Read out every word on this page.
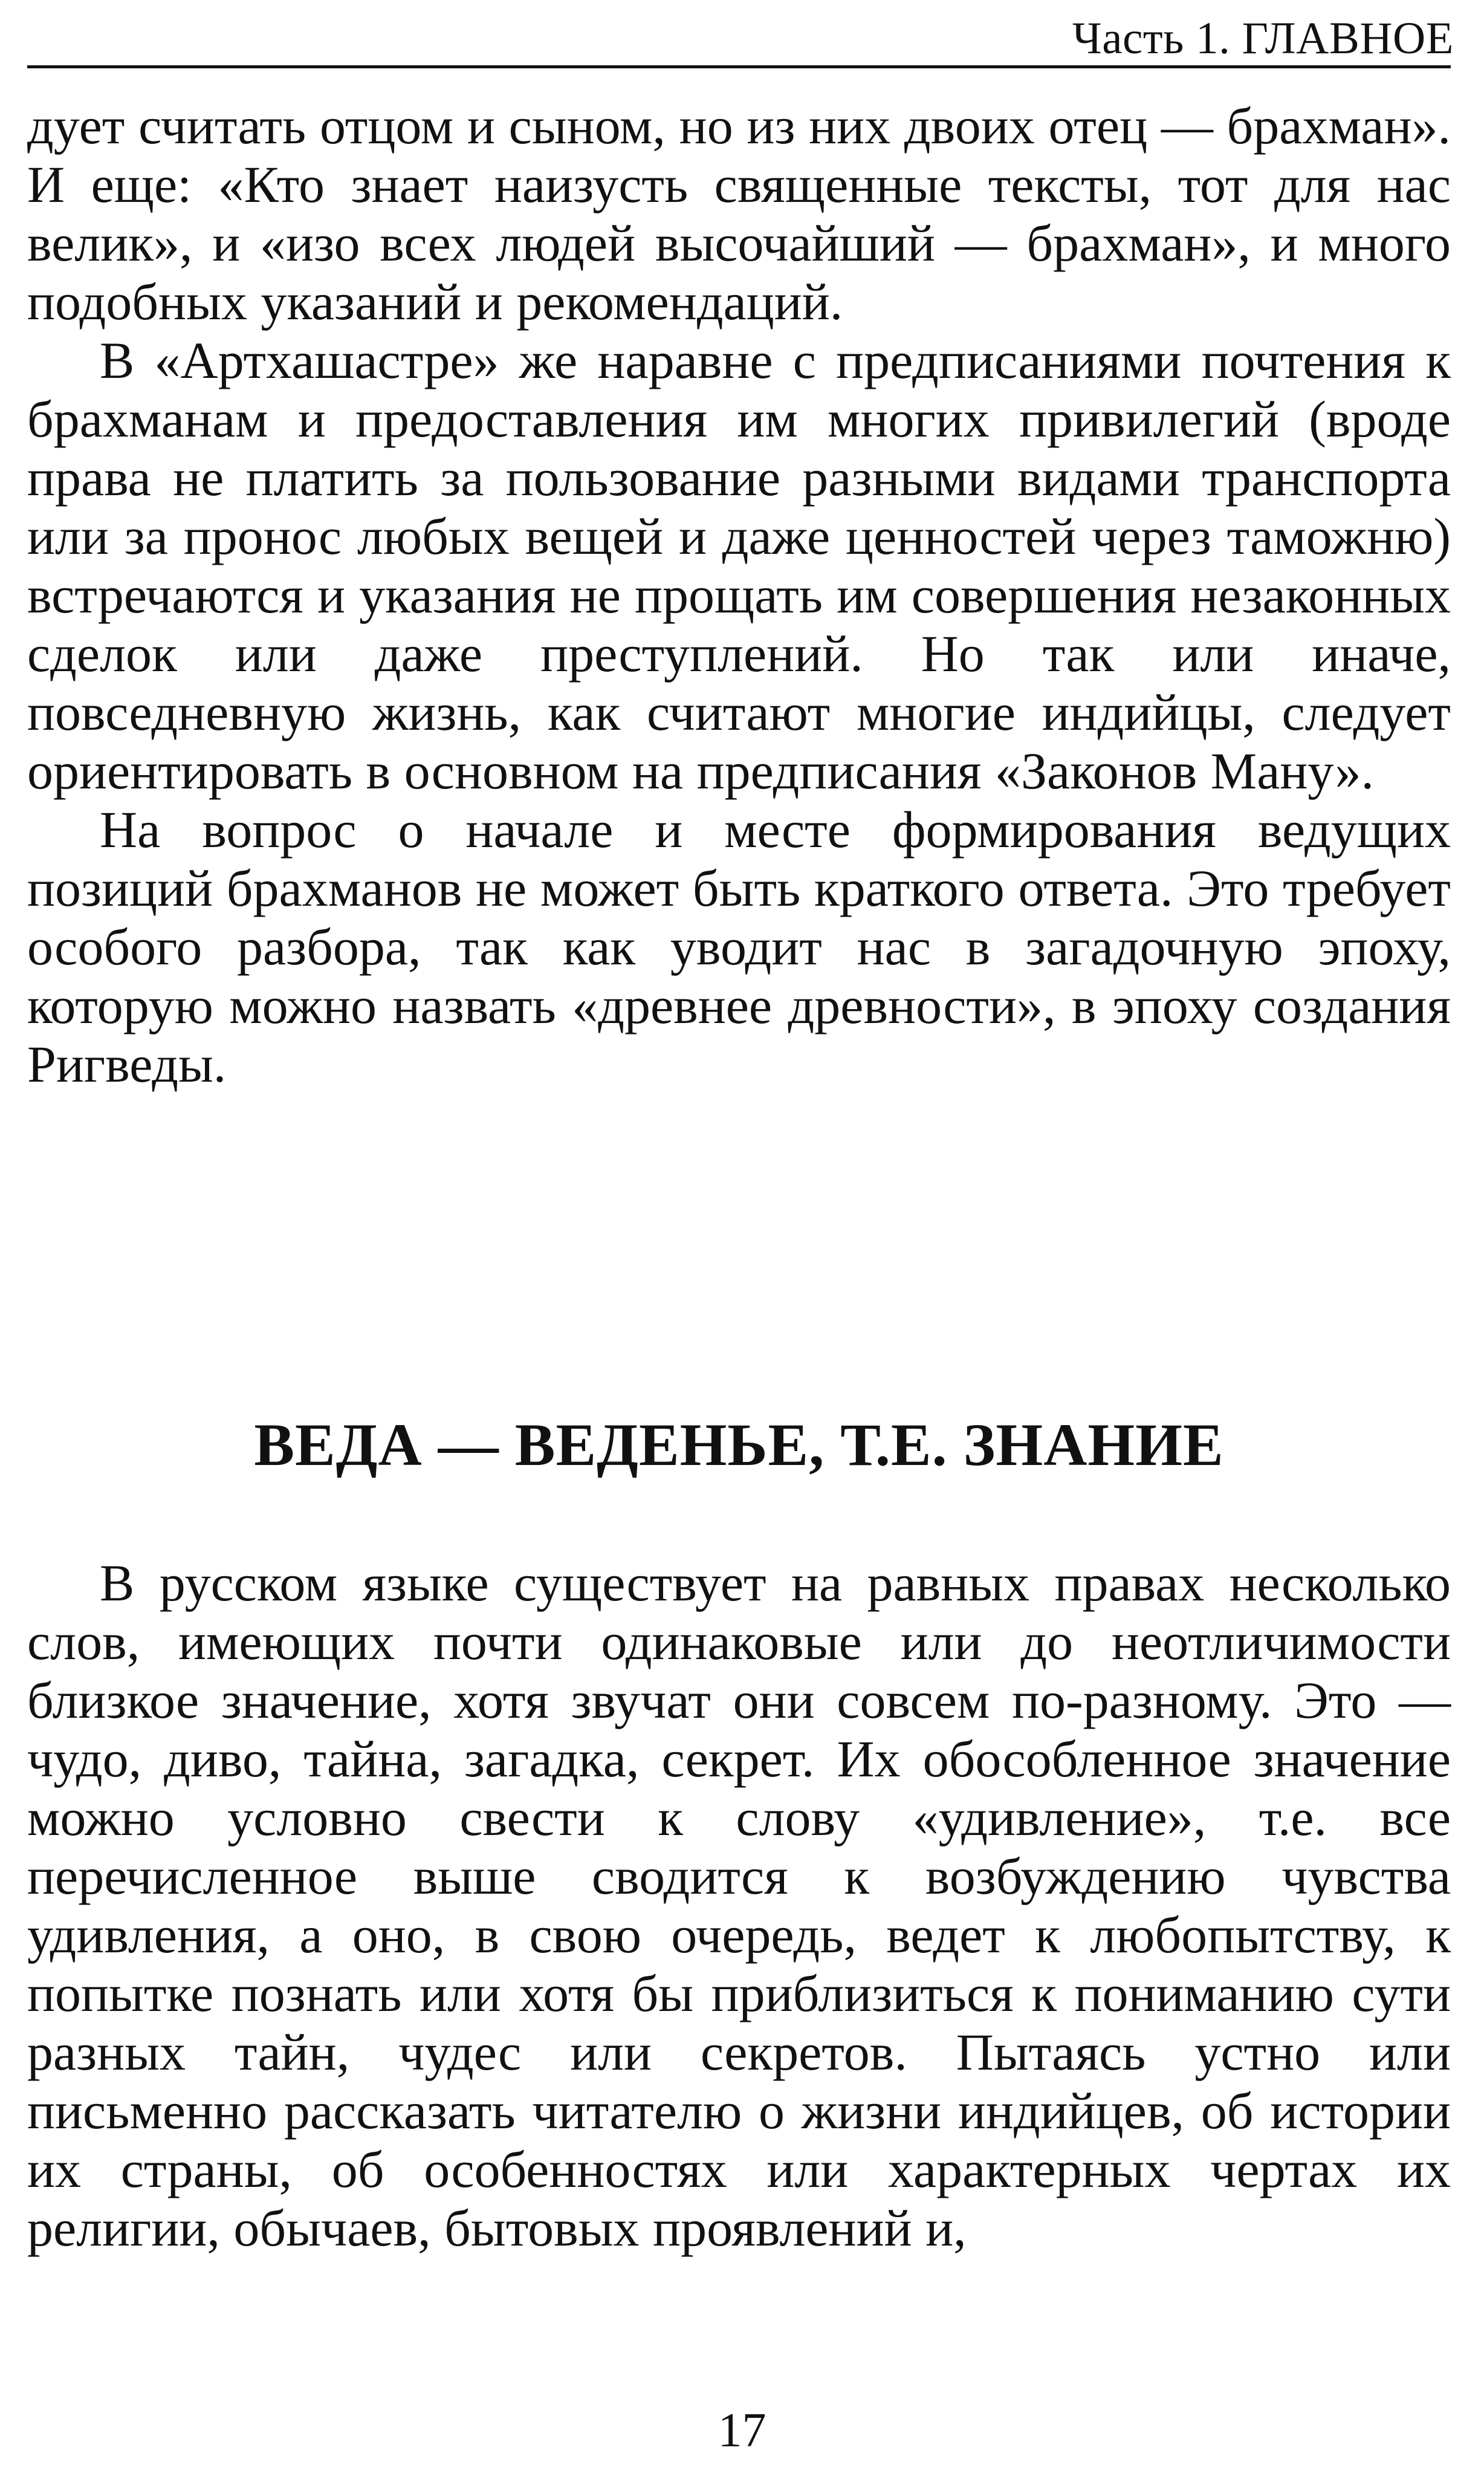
Часть 1. ГЛАВНОЕ

дует считать отцом и сыном, но из них двоих отец — брахман». И еще: «Кто знает наизусть священные тексты, тот для нас велик», и «изо всех людей высочайший — брахман», и много подобных указаний и рекомендаций.

В «Артхашастре» же наравне с предписаниями почтения к брахманам и предоставления им многих привилегий (вроде права не платить за пользование разными видами транспорта или за пронос любых вещей и даже ценностей через таможню) встречаются и указания не прощать им совершения незаконных сделок или даже преступлений. Но так или иначе, повседневную жизнь, как считают многие индийцы, следует ориентировать в основном на предписания «Законов Ману».

На вопрос о начале и месте формирования ведущих позиций брахманов не может быть краткого ответа. Это требует особого разбора, так как уводит нас в загадочную эпоху, которую можно назвать «древнее древности», в эпоху создания Ригведы.

ВЕДА — ВЕДЕНЬЕ, Т.Е. ЗНАНИЕ

В русском языке существует на равных правах несколько слов, имеющих почти одинаковые или до неотличимости близкое значение, хотя звучат они совсем по-разному. Это — чудо, диво, тайна, загадка, секрет. Их обособленное значение можно условно свести к слову «удивление», т.е. все перечисленное выше сводится к возбуждению чувства удивления, а оно, в свою очередь, ведет к любопытству, к попытке познать или хотя бы приблизиться к пониманию сути разных тайн, чудес или секретов. Пытаясь устно или письменно рассказать читателю о жизни индийцев, об истории их страны, об особенностях или характерных чертах их религии, обычаев, бытовых проявлений и,

17
